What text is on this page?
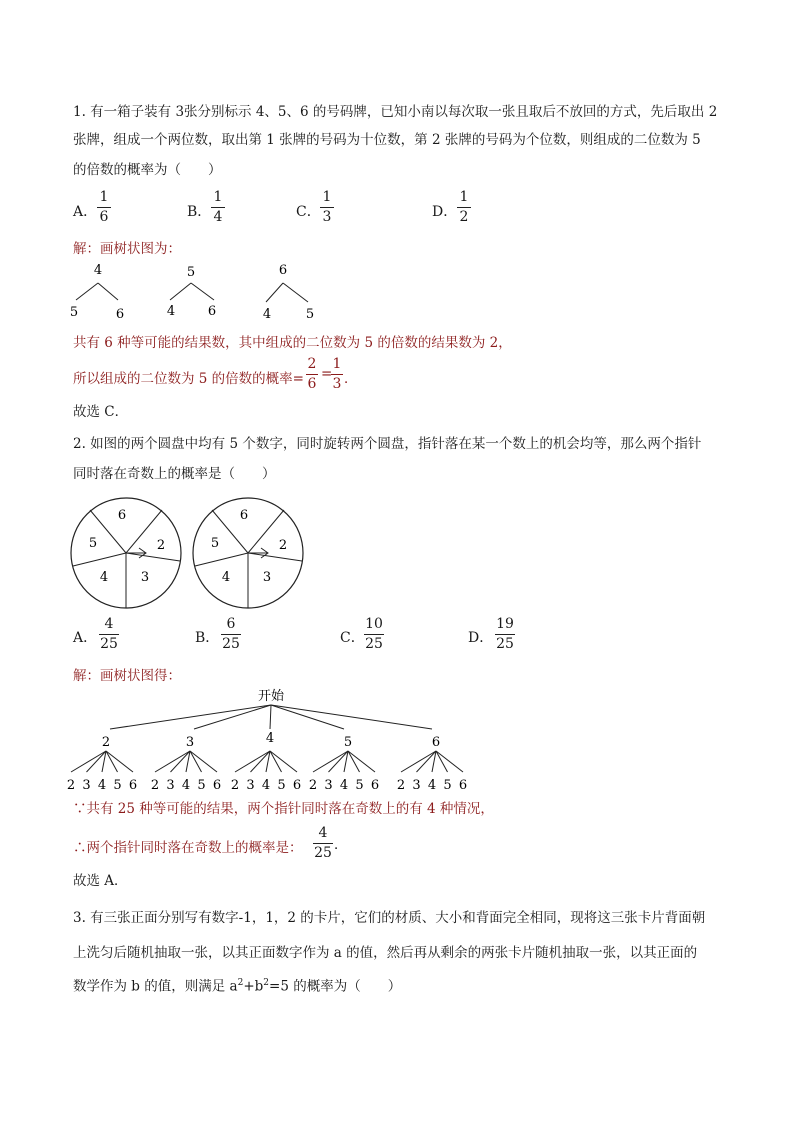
1. 有一箱子装有 3张分别标示 4、5、6 的号码牌，已知小南以每次取一张且取后不放回的方式，先后取出 2
张牌，组成一个两位数，取出第 1 张牌的号码为十位数，第 2 张牌的号码为个位数，则组成的二位数为 5
的倍数的概率为（　　）
A．
1
6	B．
1
4	C．
1
3	D．
1
2
解：画树状图为：
4
5	6
5
4	6
6
4	5
共有 6 种等可能的结果数，其中组成的二位数为 5 的倍数的结果数为 2，
所以组成的二位数为 5 的倍数的概率=
2
6
=
1
3 ．
故选 C．
2. 如图的两个圆盘中均有 5 个数字，同时旋转两个圆盘，指针落在某一个数上的机会均等，那么两个指针
同时落在奇数上的概率是（　　）
6
2
3
4
5
6
2
3
4
5
A．
4
25	B．
6
25	C．
10
25	D．
19
25
解：画树状图得：
开始
2
2 3 4 5 6
3
2 3 4 5 6
4
2 3 4 5 6
5
2 3 4 5 6
6
2 3 4 5 6
∵共有 25 种等可能的结果，两个指针同时落在奇数上的有 4 种情况，
∴两个指针同时落在奇数上的概率是：
4
25 ．
故选 A．
3. 有三张正面分别写有数字-1，1，2 的卡片，它们的材质、大小和背面完全相同，现将这三张卡片背面朝
上洗匀后随机抽取一张，以其正面数字作为 a 的值，然后再从剩余的两张卡片随机抽取一张，以其正面的
数学作为 b 的值，则满足 $a^2+b^2=5$ 的概率为（　　）
